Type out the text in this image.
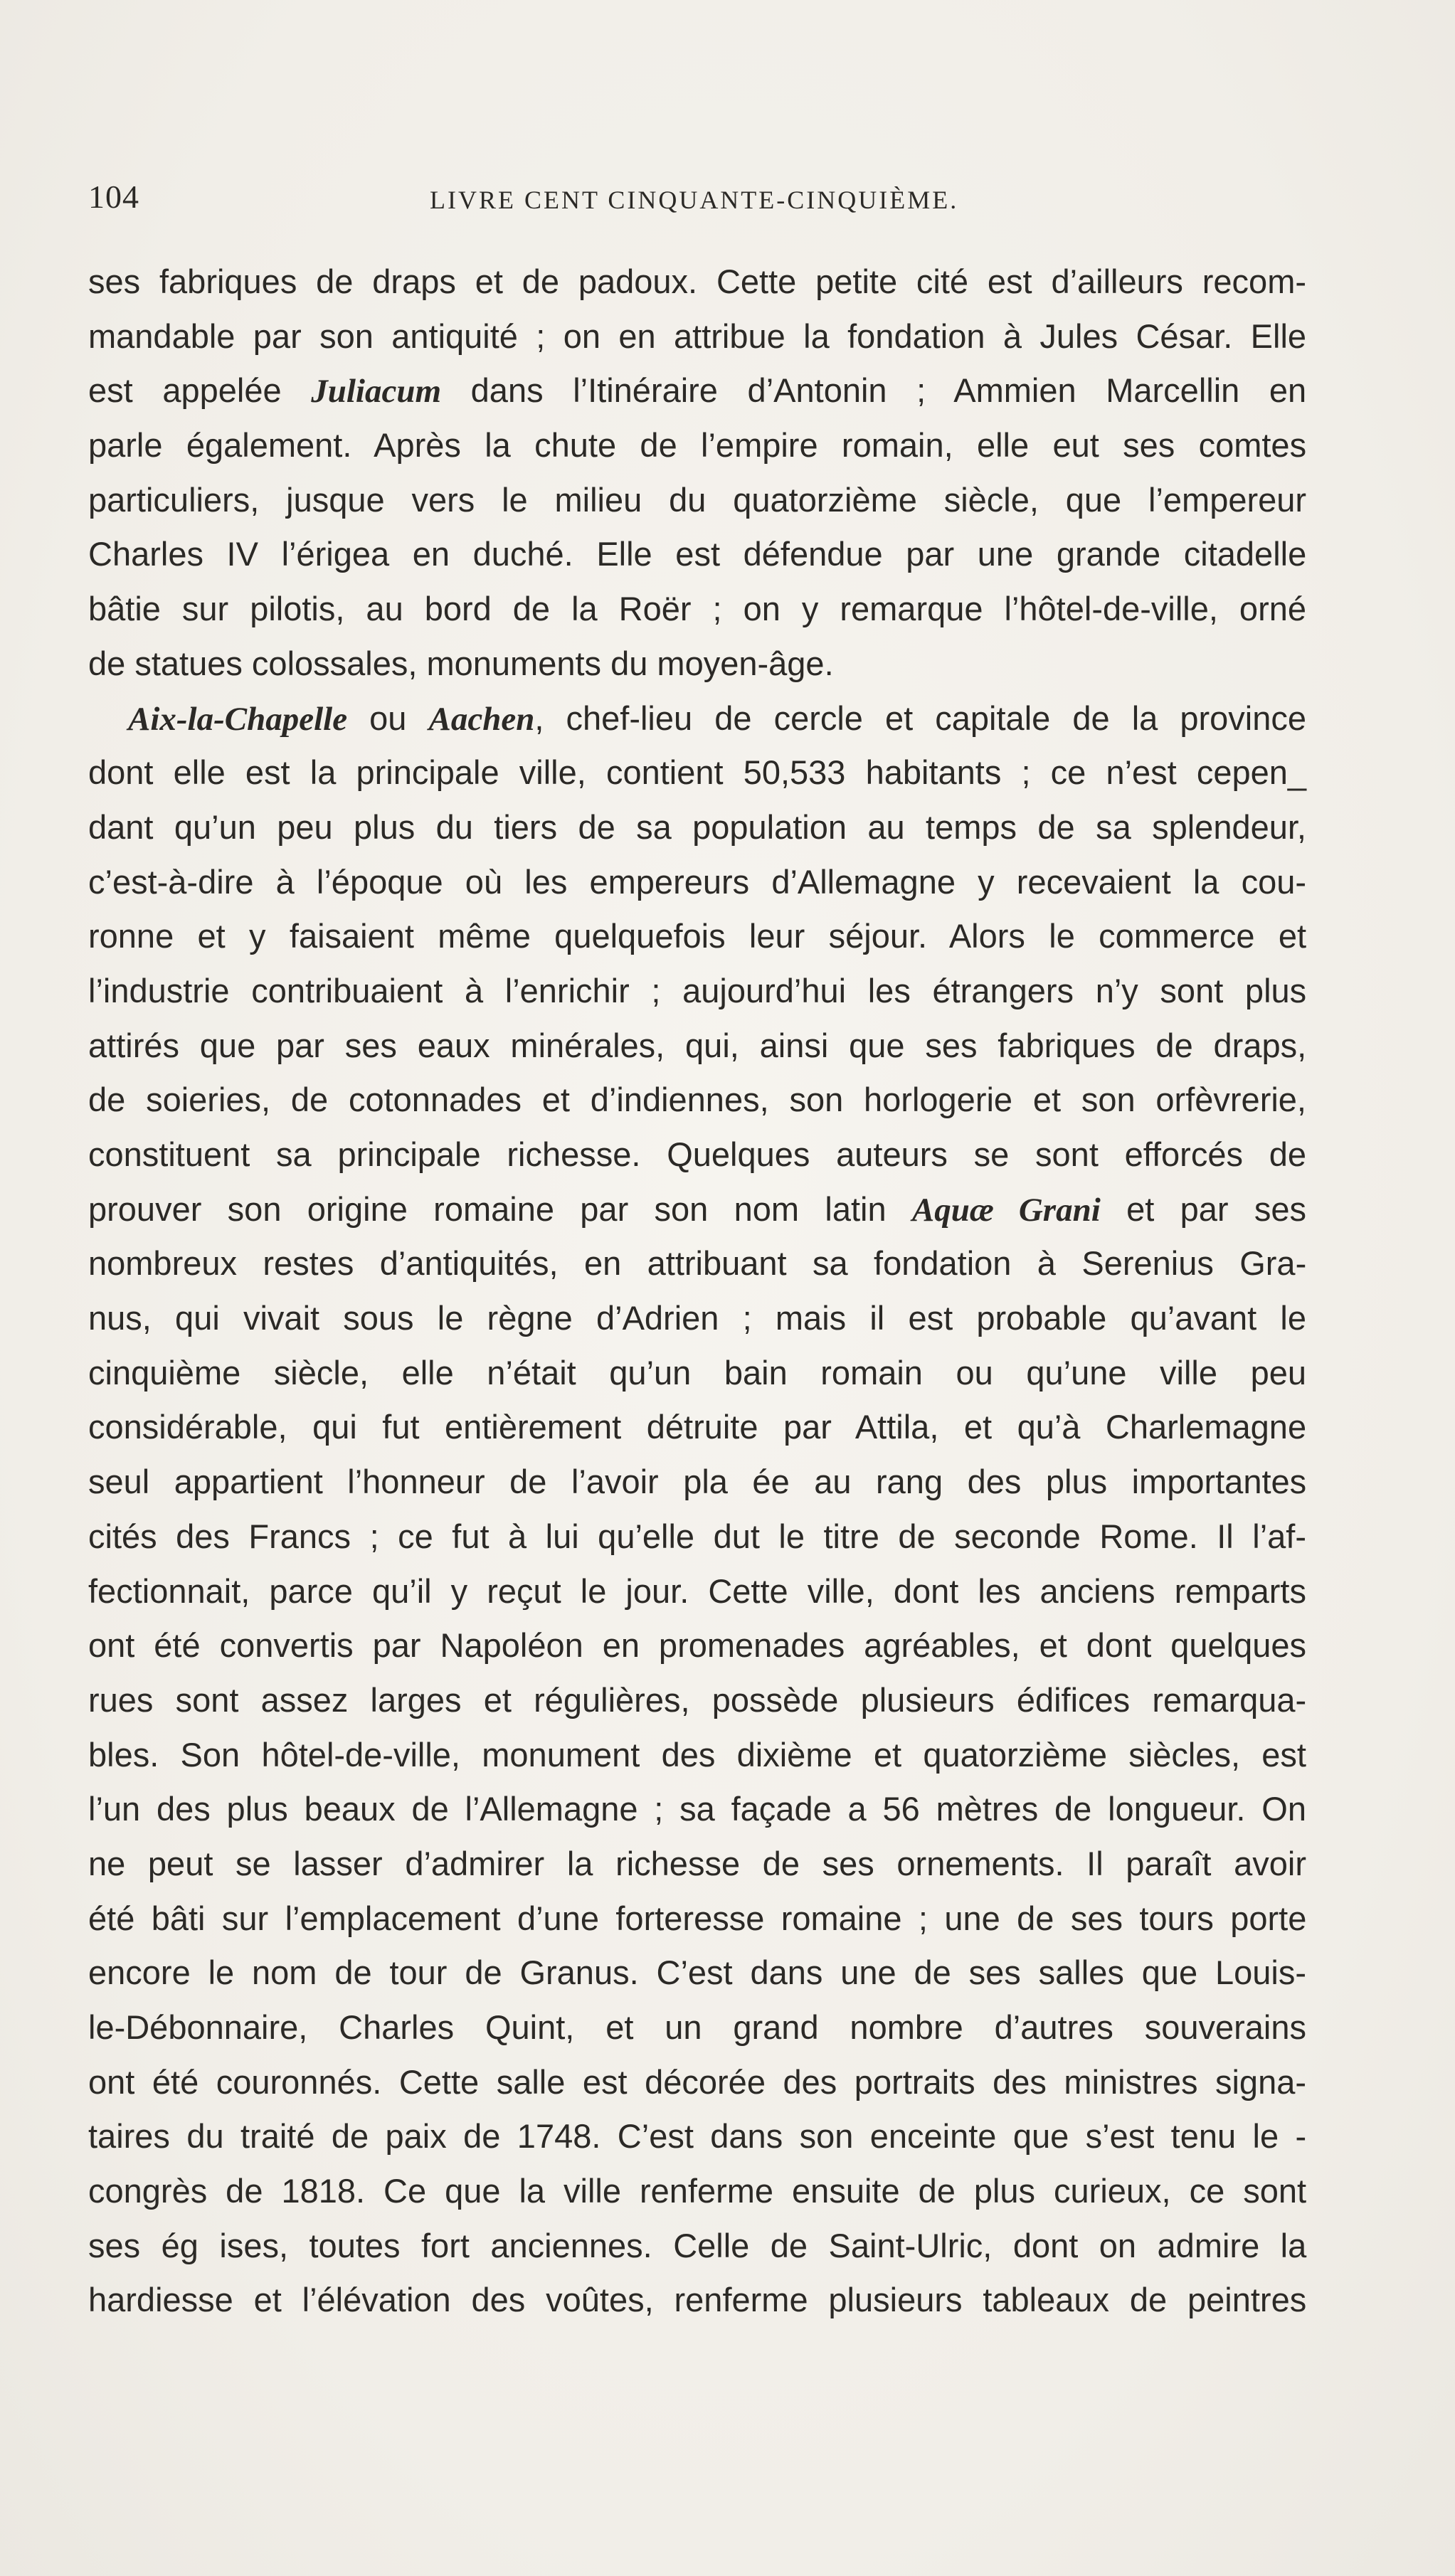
104	LIVRE CENT CINQUANTE-CINQUIÈME.
ses fabriques de draps et de padoux. Cette petite cité est d’ailleurs recom-
mandable par son antiquité ; on en attribue la fondation à Jules César. Elle
est appelée Juliacum dans l’Itinéraire d’Antonin ; Ammien Marcellin en
parle également. Après la chute de l’empire romain, elle eut ses comtes
particuliers, jusque vers le milieu du quatorzième siècle, que l’empereur
Charles IV l’érigea en duché. Elle est défendue par une grande citadelle
bâtie sur pilotis, au bord de la Roër ; on y remarque l’hôtel-de-ville, orné
de statues colossales, monuments du moyen-âge.
Aix-la-Chapelle ou Aachen, chef-lieu de cercle et capitale de la province
dont elle est la principale ville, contient 50,533 habitants ; ce n’est cepen_
dant qu’un peu plus du tiers de sa population au temps de sa splendeur,
c’est-à-dire à l’époque où les empereurs d’Allemagne y recevaient la cou-
ronne et y faisaient même quelquefois leur séjour. Alors le commerce et
l’industrie contribuaient à l’enrichir ; aujourd’hui les étrangers n’y sont plus
attirés que par ses eaux minérales, qui, ainsi que ses fabriques de draps,
de soieries, de cotonnades et d’indiennes, son horlogerie et son orfèvrerie,
constituent sa principale richesse. Quelques auteurs se sont efforcés de
prouver son origine romaine par son nom latin Aquæ Grani et par ses
nombreux restes d’antiquités, en attribuant sa fondation à Serenius Gra-
nus, qui vivait sous le règne d’Adrien ; mais il est probable qu’avant le
cinquième siècle, elle n’était qu’un bain romain ou qu’une ville peu
considérable, qui fut entièrement détruite par Attila, et qu’à Charlemagne
seul appartient l’honneur de l’avoir pla ée au rang des plus importantes
cités des Francs ; ce fut à lui qu’elle dut le titre de seconde Rome. Il l’af-
fectionnait, parce qu’il y reçut le jour. Cette ville, dont les anciens remparts
ont été convertis par Napoléon en promenades agréables, et dont quelques
rues sont assez larges et régulières, possède plusieurs édifices remarqua-
bles. Son hôtel-de-ville, monument des dixième et quatorzième siècles, est
l’un des plus beaux de l’Allemagne ; sa façade a 56 mètres de longueur. On
ne peut se lasser d’admirer la richesse de ses ornements. Il paraît avoir
été bâti sur l’emplacement d’une forteresse romaine ; une de ses tours porte
encore le nom de tour de Granus. C’est dans une de ses salles que Louis-
le-Débonnaire, Charles Quint, et un grand nombre d’autres souverains
ont été couronnés. Cette salle est décorée des portraits des ministres signa-
taires du traité de paix de 1748. C’est dans son enceinte que s’est tenu le -
congrès de 1818. Ce que la ville renferme ensuite de plus curieux, ce sont
ses ég ises, toutes fort anciennes. Celle de Saint-Ulric, dont on admire la
hardiesse et l’élévation des voûtes, renferme plusieurs tableaux de peintres
